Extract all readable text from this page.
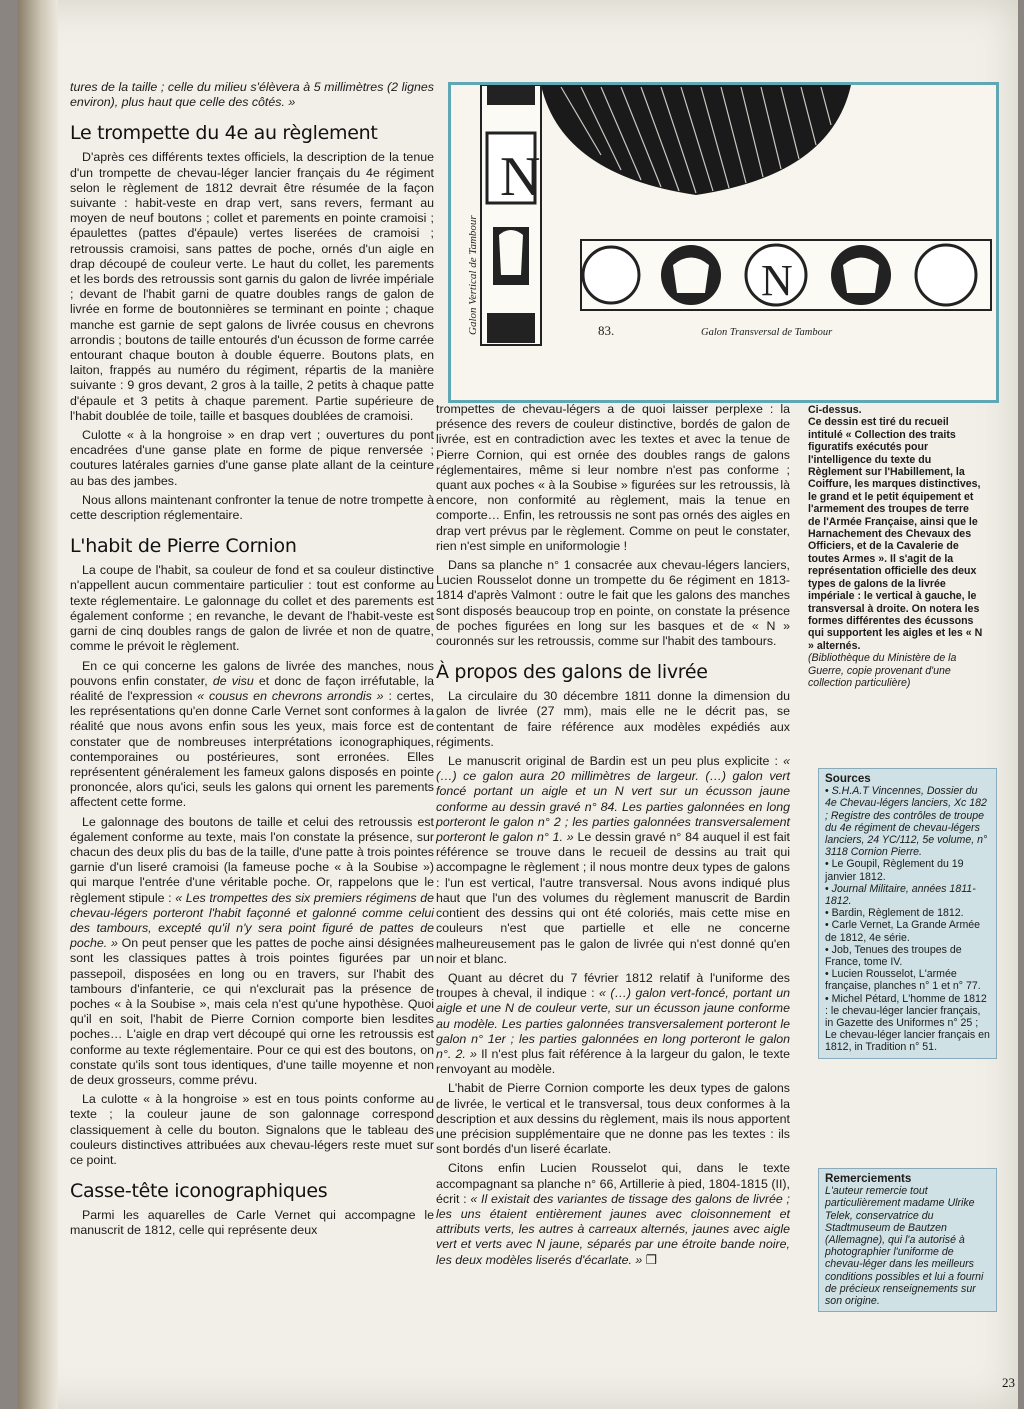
tures de la taille ; celle du milieu s'élèvera à 5 millimètres (2 lignes environ), plus haut que celle des côtés. »

Le trompette du 4e au règlement

D'après ces différents textes officiels, la description de la tenue d'un trompette de chevau-léger lancier français du 4e régiment selon le règlement de 1812 devrait être résumée de la façon suivante : habit-veste en drap vert, sans revers, fermant au moyen de neuf boutons ; collet et parements en pointe cramoisi ; épaulettes (pattes d'épaule) vertes liserées de cramoisi ; retroussis cramoisi, sans pattes de poche, ornés d'un aigle en drap découpé de couleur verte. Le haut du collet, les parements et les bords des retroussis sont garnis du galon de livrée impériale ; devant de l'habit garni de quatre doubles rangs de galon de livrée en forme de boutonnières se terminant en pointe ; chaque manche est garnie de sept galons de livrée cousus en chevrons arrondis ; boutons de taille entourés d'un écusson de forme carrée entourant chaque bouton à double équerre. Boutons plats, en laiton, frappés au numéro du régiment, répartis de la manière suivante : 9 gros devant, 2 gros à la taille, 2 petits à chaque patte d'épaule et 3 petits à chaque parement. Partie supérieure de l'habit doublée de toile, taille et basques doublées de cramoisi.

Culotte « à la hongroise » en drap vert ; ouvertures du pont encadrées d'une ganse plate en forme de pique renversée ; coutures latérales garnies d'une ganse plate allant de la ceinture au bas des jambes.

Nous allons maintenant confronter la tenue de notre trompette à cette description réglementaire.

L'habit de Pierre Cornion

La coupe de l'habit, sa couleur de fond et sa couleur distinctive n'appellent aucun commentaire particulier : tout est conforme au texte réglementaire. Le galonnage du collet et des parements est également conforme ; en revanche, le devant de l'habit-veste est garni de cinq doubles rangs de galon de livrée et non de quatre, comme le prévoit le règlement.

En ce qui concerne les galons de livrée des manches, nous pouvons enfin constater, de visu et donc de façon irréfutable, la réalité de l'expression « cousus en chevrons arrondis » : certes, les représentations qu'en donne Carle Vernet sont conformes à la réalité que nous avons enfin sous les yeux, mais force est de constater que de nombreuses interprétations iconographiques, contemporaines ou postérieures, sont erronées. Elles représentent généralement les fameux galons disposés en pointe prononcée, alors qu'ici, seuls les galons qui ornent les parements affectent cette forme.

Le galonnage des boutons de taille et celui des retroussis est également conforme au texte, mais l'on constate la présence, sur chacun des deux plis du bas de la taille, d'une patte à trois pointes garnie d'un liseré cramoisi (la fameuse poche « à la Soubise ») qui marque l'entrée d'une véritable poche. Or, rappelons que le règlement stipule : « Les trompettes des six premiers régimens de chevau-légers porteront l'habit façonné et galonné comme celui des tambours, excepté qu'il n'y sera point figuré de pattes de poche. » On peut penser que les pattes de poche ainsi désignées sont les classiques pattes à trois pointes figurées par un passepoil, disposées en long ou en travers, sur l'habit des tambours d'infanterie, ce qui n'exclurait pas la présence de poches « à la Soubise », mais cela n'est qu'une hypothèse. Quoi qu'il en soit, l'habit de Pierre Cornion comporte bien lesdites poches… L'aigle en drap vert découpé qui orne les retroussis est conforme au texte réglementaire. Pour ce qui est des boutons, on constate qu'ils sont tous identiques, d'une taille moyenne et non de deux grosseurs, comme prévu.

La culotte « à la hongroise » est en tous points conforme au texte ; la couleur jaune de son galonnage correspond classiquement à celle du bouton. Signalons que le tableau des couleurs distinctives attribuées aux chevau-légers reste muet sur ce point.

Casse-tête iconographiques

Parmi les aquarelles de Carle Vernet qui accompagne le manuscrit de 1812, celle qui représente deux

Galon Vertical de Tambour
N
N
83.	Galon Transversal de Tambour

trompettes de chevau-légers a de quoi laisser perplexe : la présence des revers de couleur distinctive, bordés de galon de livrée, est en contradiction avec les textes et avec la tenue de Pierre Cornion, qui est ornée des doubles rangs de galons réglementaires, même si leur nombre n'est pas conforme ; quant aux poches « à la Soubise » figurées sur les retroussis, là encore, non conformité au règlement, mais la tenue en comporte… Enfin, les retroussis ne sont pas ornés des aigles en drap vert prévus par le règlement. Comme on peut le constater, rien n'est simple en uniformologie !

Dans sa planche n° 1 consacrée aux chevau-légers lanciers, Lucien Rousselot donne un trompette du 6e régiment en 1813-1814 d'après Valmont : outre le fait que les galons des manches sont disposés beaucoup trop en pointe, on constate la présence de poches figurées en long sur les basques et de « N » couronnés sur les retroussis, comme sur l'habit des tambours.

À propos des galons de livrée

La circulaire du 30 décembre 1811 donne la dimension du galon de livrée (27 mm), mais elle ne le décrit pas, se contentant de faire référence aux modèles expédiés aux régiments.

Le manuscrit original de Bardin est un peu plus explicite : « (…) ce galon aura 20 millimètres de largeur. (…) galon vert foncé portant un aigle et un N vert sur un écusson jaune conforme au dessin gravé n° 84. Les parties galonnées en long porteront le galon n° 2 ; les parties galonnées transversalement porteront le galon n° 1. » Le dessin gravé n° 84 auquel il est fait référence se trouve dans le recueil de dessins au trait qui accompagne le règlement ; il nous montre deux types de galons : l'un est vertical, l'autre transversal. Nous avons indiqué plus haut que l'un des volumes du règlement manuscrit de Bardin contient des dessins qui ont été coloriés, mais cette mise en couleurs n'est que partielle et elle ne concerne malheureusement pas le galon de livrée qui n'est donné qu'en noir et blanc.

Quant au décret du 7 février 1812 relatif à l'uniforme des troupes à cheval, il indique : « (…) galon vert-foncé, portant un aigle et une N de couleur verte, sur un écusson jaune conforme au modèle. Les parties galonnées transversalement porteront le galon n° 1er ; les parties galonnées en long porteront le galon n°. 2. » Il n'est plus fait référence à la largeur du galon, le texte renvoyant au modèle.

L'habit de Pierre Cornion comporte les deux types de galons de livrée, le vertical et le transversal, tous deux conformes à la description et aux dessins du règlement, mais ils nous apportent une précision supplémentaire que ne donne pas les textes : ils sont bordés d'un liseré écarlate.

Citons enfin Lucien Rousselot qui, dans le texte accompagnant sa planche n° 66, Artillerie à pied, 1804-1815 (II), écrit : « Il existait des variantes de tissage des galons de livrée ; les uns étaient entièrement jaunes avec cloisonnement et attributs verts, les autres à carreaux alternés, jaunes avec aigle vert et verts avec N jaune, séparés par une étroite bande noire, les deux modèles liserés d'écarlate. » ❒

Ci-dessus.
Ce dessin est tiré du recueil intitulé « Collection des traits figuratifs exécutés pour l'intelligence du texte du Règlement sur l'Habillement, la Coiffure, les marques distinctives, le grand et le petit équipement et l'armement des troupes de terre de l'Armée Française, ainsi que le Harnachement des Chevaux des Officiers, et de la Cavalerie de toutes Armes ». Il s'agit de la représentation officielle des deux types de galons de la livrée impériale : le vertical à gauche, le transversal à droite. On notera les formes différentes des écussons qui supportent les aigles et les « N » alternés.
(Bibliothèque du Ministère de la Guerre, copie provenant d'une collection particulière)
Sources

• S.H.A.T Vincennes, Dossier du 4e Chevau-légers lanciers, Xc 182 ; Registre des contrôles de troupe du 4e régiment de chevau-légers lanciers, 24 YC/112, 5e volume, n° 3118 Cornion Pierre.

• Le Goupil, Règlement du 19 janvier 1812.

• Journal Militaire, années 1811-1812.

• Bardin, Règlement de 1812.

• Carle Vernet, La Grande Armée de 1812, 4e série.

• Job, Tenues des troupes de France, tome IV.

• Lucien Rousselot, L'armée française, planches n° 1 et n° 77.

• Michel Pétard, L'homme de 1812 : le chevau-léger lancier français, in Gazette des Uniformes n° 25 ; Le chevau-léger lancier français en 1812, in Tradition n° 51.

Remerciements
L'auteur remercie tout particulièrement madame Ulrike Telek, conservatrice du Stadtmuseum de Bautzen (Allemagne), qui l'a autorisé à photographier l'uniforme de chevau-léger dans les meilleurs conditions possibles et lui a fourni de précieux renseignements sur son origine.
23
